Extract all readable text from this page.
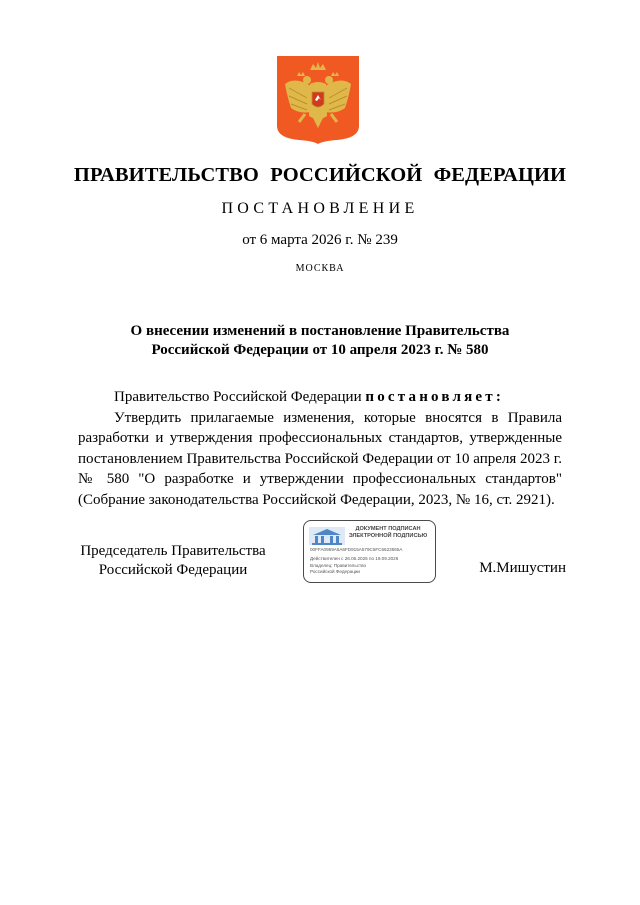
ПРАВИТЕЛЬСТВО РОССИЙСКОЙ ФЕДЕРАЦИИ
ПОСТАНОВЛЕНИЕ
от 6 марта 2026 г. № 239
МОСКВА
О внесении изменений в постановление Правительства
Российской Федерации от 10 апреля 2023 г. № 580
Правительство Российской Федерации постановляет:
Утвердить прилагаемые изменения, которые вносятся в Правила разработки и утверждения профессиональных стандартов, утвержденные постановлением Правительства Российской Федерации от 10 апреля 2023 г. № 580 "О разработке и утверждении профессиональных стандартов" (Собрание законодательства Российской Федерации, 2023, № 16, ст. 2921).
Председатель Правительства
Российской Федерации
ДОКУМЕНТ ПОДПИСАН
ЭЛЕКТРОННОЙ ПОДПИСЬЮ
00FFA0959A5A6FD915A579C5FC6623565A
Действителен с 26.06.2025 по 19.09.2026
Владелец: Правительство Российской Федерации	М.Мишустин
